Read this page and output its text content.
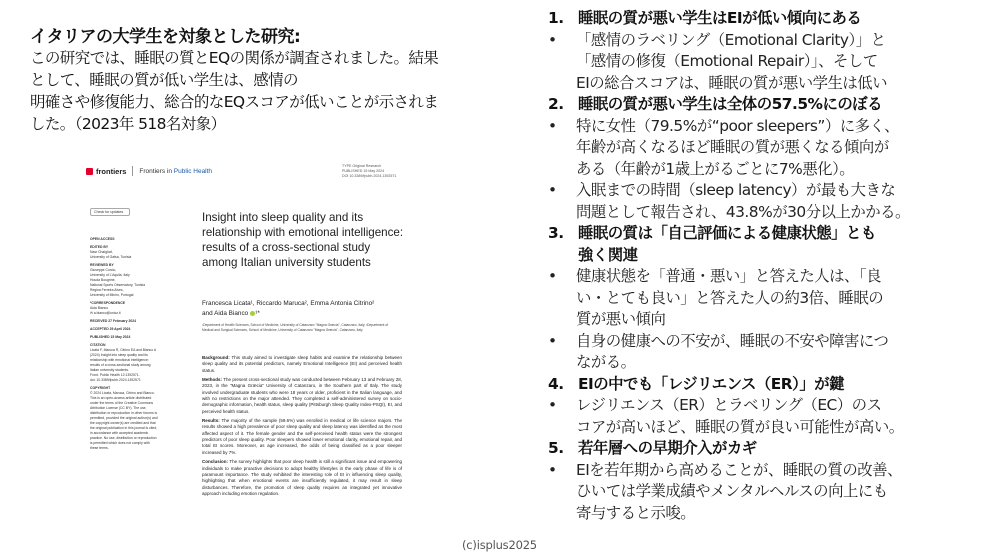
イタリアの大学生を対象とした研究:
この研究では、睡眠の質とEQの関係が調査されました。結果
として、睡眠の質が低い学生は、感情の
明確さや修復能力、総合的なEQスコアが低いことが示されま
した。（2023年 518名対象）
frontiers Frontiers in Public Health
TYPE Original Research
PUBLISHED 15 May 2024
DOI 10.3389/fpubh.2024.1392571
Check for updates
OPEN ACCESS
EDITED BY
Nasr Chalghaf,
University of Gafsa, Tunisia
REVIEWED BY
Giuseppe Curcio,
University of L'Aquila, Italy
Houda Bougrine,
National Sports Observatory, Tunisia
Regina Ferreira Alves,
University of Minho, Portugal
*CORRESPONDENCE
Aida Bianco
✉ a.bianco@unicz.it
RECEIVED 27 February 2024
ACCEPTED 29 April 2024
PUBLISHED 15 May 2024
CITATION
Licata F, Maruca R, Citrino EA and Bianco A
(2024) Insight into sleep quality and its
relationship with emotional intelligence:
results of a cross-sectional study among
Italian university students.
Front. Public Health 12:1392571.
doi: 10.3389/fpubh.2024.1392571
COPYRIGHT
© 2024 Licata, Maruca, Citrino and Bianco.
This is an open-access article distributed
under the terms of the Creative Commons
Attribution License (CC BY). The use,
distribution or reproduction in other forums is
permitted, provided the original author(s) and
the copyright owner(s) are credited and that
the original publication in this journal is cited,
in accordance with accepted academic
practice. No use, distribution or reproduction
is permitted which does not comply with
these terms.
Insight into sleep quality and its relationship with emotional intelligence: results of a cross-sectional study among Italian university students
Francesca Licata¹, Riccardo Maruca², Emma Antonia Citrino²
and Aida Bianco ¹*
¹Department of Health Sciences, School of Medicine, University of Catanzaro "Magna Græcia", Catanzaro, Italy, ²Department of Medical and Surgical Sciences, School of Medicine, University of Catanzaro "Magna Græcia", Catanzaro, Italy

Background: This study aimed to investigate sleep habits and examine the relationship between sleep quality and its potential predictors, namely Emotional Intelligence (EI) and perceived health status.

Methods: The present cross-sectional study was conducted between February 13 and February 28, 2023, in the "Magna Græcia" University of Catanzaro, in the Southern part of Italy. The study involved undergraduate students who were 18 years or older, proficient in the Italian language, and with no restrictions on the major attended. They completed a self-administered survey on socio-demographic information, health status, sleep quality (Pittsburgh Sleep Quality Index-PSQI), EI, and perceived health status.

Results: The majority of the sample (59.6%) was enrolled in medical or life science majors. The results showed a high prevalence of poor sleep quality and sleep latency was identified as the most affected aspect of it. The female gender and the self-perceived health status were the strongest predictors of poor sleep quality. Poor sleepers showed lower emotional clarity, emotional repair, and total EI scores. Moreover, as age increased, the odds of being classified as a poor sleeper increased by 7%.

Conclusion: The survey highlights that poor sleep health is still a significant issue and empowering individuals to make proactive decisions to adopt healthy lifestyles in the early phase of life is of paramount importance. The study exhibited the interesting role of EI in influencing sleep quality, highlighting that when emotional events are insufficiently regulated, it may result in sleep disturbances. Therefore, the promotion of sleep quality requires an integrated yet innovative approach including emotion regulation.

1. 睡眠の質が悪い学生はEIが低い傾向にある
•	「感情のラベリング（Emotional Clarity）」と
「感情の修復（Emotional Repair）」、そして
EIの総合スコアは、睡眠の質が悪い学生は低い
2. 睡眠の質が悪い学生は全体の57.5%にのぼる
•	特に女性（79.5%が“poor sleepers”）に多く、
年齢が高くなるほど睡眠の質が悪くなる傾向が
ある（年齢が1歳上がるごとに7%悪化）。
•	入眠までの時間（sleep latency）が最も大きな
問題として報告され、43.8%が30分以上かかる。
3. 睡眠の質は「自己評価による健康状態」とも
強く関連
•	健康状態を「普通・悪い」と答えた人は、「良
い・とても良い」と答えた人の約3倍、睡眠の
質が悪い傾向
•	自身の健康への不安が、睡眠の不安や障害につ
ながる。
4. EIの中でも「レジリエンス（ER）」が鍵
•	レジリエンス（ER）とラベリング（EC）のス
コアが高いほど、睡眠の質が良い可能性が高い。
5. 若年層への早期介入がカギ
•	EIを若年期から高めることが、睡眠の質の改善、
ひいては学業成績やメンタルヘルスの向上にも
寄与すると示唆。
(c)isplus2025
